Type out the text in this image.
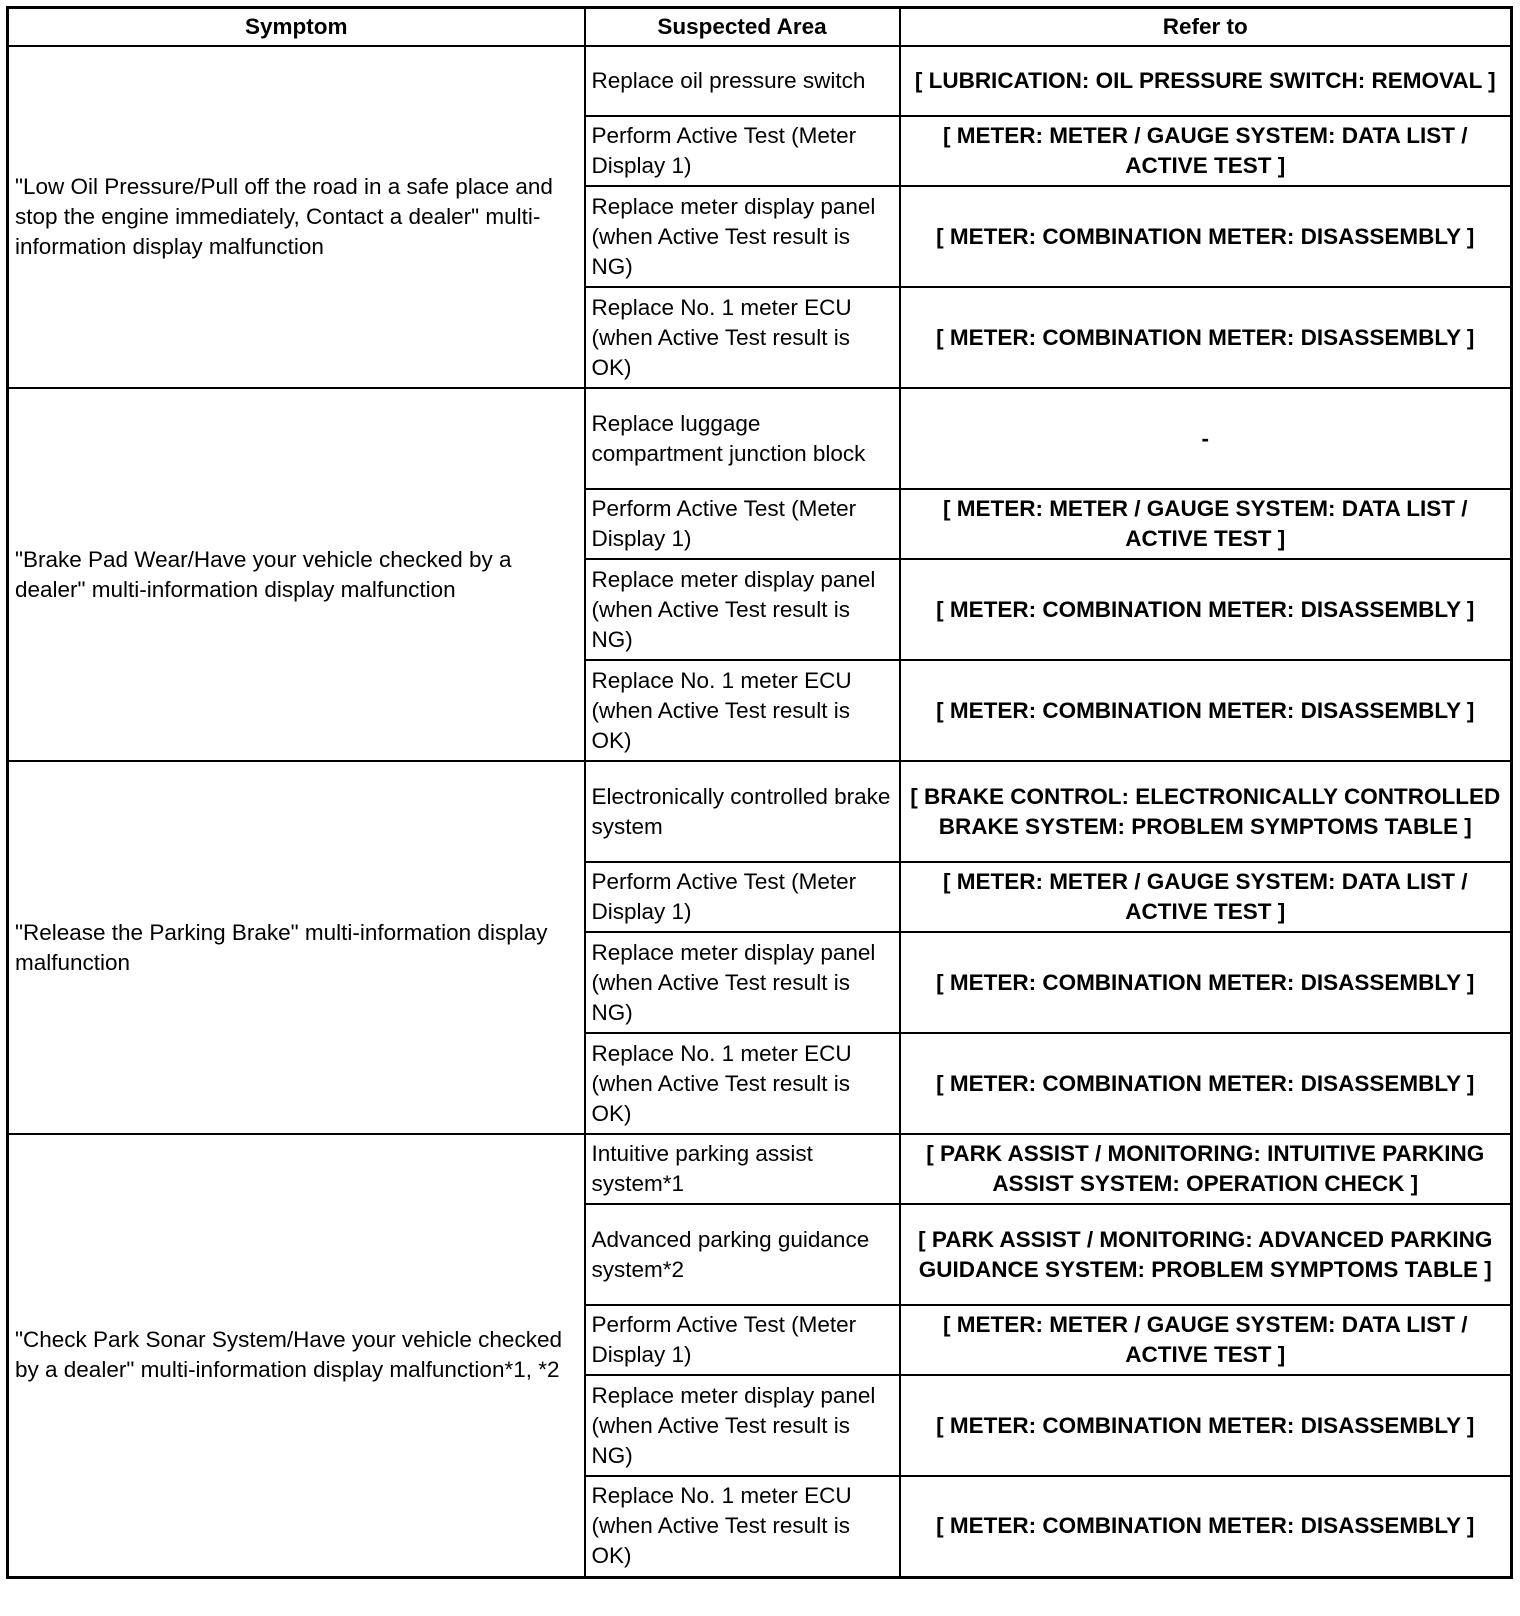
Symptom	Suspected Area	Refer to
"Low Oil Pressure/Pull off the road in a safe place and stop the engine immediately, Contact a dealer" multi-information display malfunction	Replace oil pressure switch	[ LUBRICATION: OIL PRESSURE SWITCH: REMOVAL ]
	Perform Active Test (Meter Display 1)	[ METER: METER / GAUGE SYSTEM: DATA LIST / ACTIVE TEST ]
	Replace meter display panel (when Active Test result is NG)	[ METER: COMBINATION METER: DISASSEMBLY ]
	Replace No. 1 meter ECU (when Active Test result is OK)	[ METER: COMBINATION METER: DISASSEMBLY ]
"Brake Pad Wear/Have your vehicle checked by a dealer" multi-information display malfunction	Replace luggage compartment junction block	-
	Perform Active Test (Meter Display 1)	[ METER: METER / GAUGE SYSTEM: DATA LIST / ACTIVE TEST ]
	Replace meter display panel (when Active Test result is NG)	[ METER: COMBINATION METER: DISASSEMBLY ]
	Replace No. 1 meter ECU (when Active Test result is OK)	[ METER: COMBINATION METER: DISASSEMBLY ]
"Release the Parking Brake" multi-information display malfunction	Electronically controlled brake system	[ BRAKE CONTROL: ELECTRONICALLY CONTROLLED BRAKE SYSTEM: PROBLEM SYMPTOMS TABLE ]
	Perform Active Test (Meter Display 1)	[ METER: METER / GAUGE SYSTEM: DATA LIST / ACTIVE TEST ]
	Replace meter display panel (when Active Test result is NG)	[ METER: COMBINATION METER: DISASSEMBLY ]
	Replace No. 1 meter ECU (when Active Test result is OK)	[ METER: COMBINATION METER: DISASSEMBLY ]
"Check Park Sonar System/Have your vehicle checked by a dealer" multi-information display malfunction*1, *2	Intuitive parking assist system*1	[ PARK ASSIST / MONITORING: INTUITIVE PARKING ASSIST SYSTEM: OPERATION CHECK ]
	Advanced parking guidance system*2	[ PARK ASSIST / MONITORING: ADVANCED PARKING GUIDANCE SYSTEM: PROBLEM SYMPTOMS TABLE ]
	Perform Active Test (Meter Display 1)	[ METER: METER / GAUGE SYSTEM: DATA LIST / ACTIVE TEST ]
	Replace meter display panel (when Active Test result is NG)	[ METER: COMBINATION METER: DISASSEMBLY ]
	Replace No. 1 meter ECU (when Active Test result is OK)	[ METER: COMBINATION METER: DISASSEMBLY ]
